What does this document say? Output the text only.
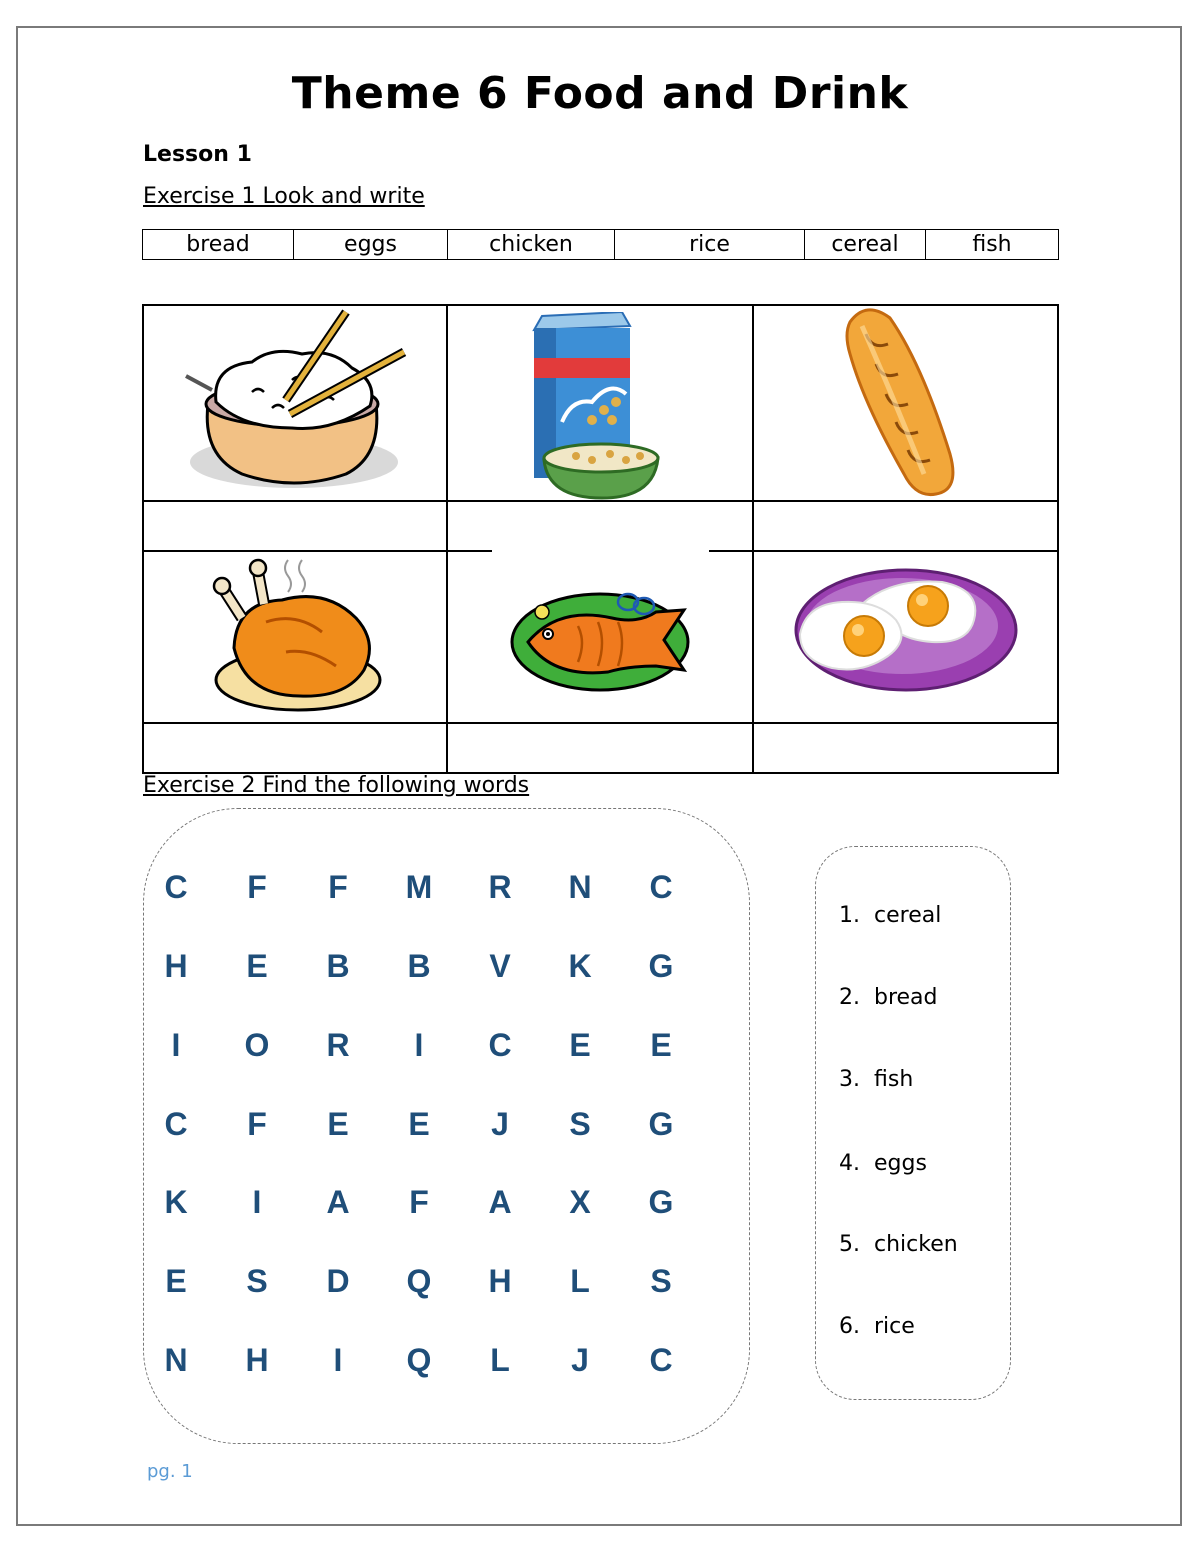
Theme 6 Food and Drink
Lesson 1
Exercise 1 Look and write
bread	eggs	chicken	rice	cereal	fish
Exercise 2 Find the following words
C	F	F	M	R	N	C
H	E	B	B	V	K	G
I	O	R	I	C	E	E
C	F	E	E	J	S	G
K	I	A	F	A	X	G
E	S	D	Q	H	L	S
N	H	I	Q	L	J	C
1. cereal
2. bread
3. fish
4. eggs
5. chicken
6. rice
pg. 1
